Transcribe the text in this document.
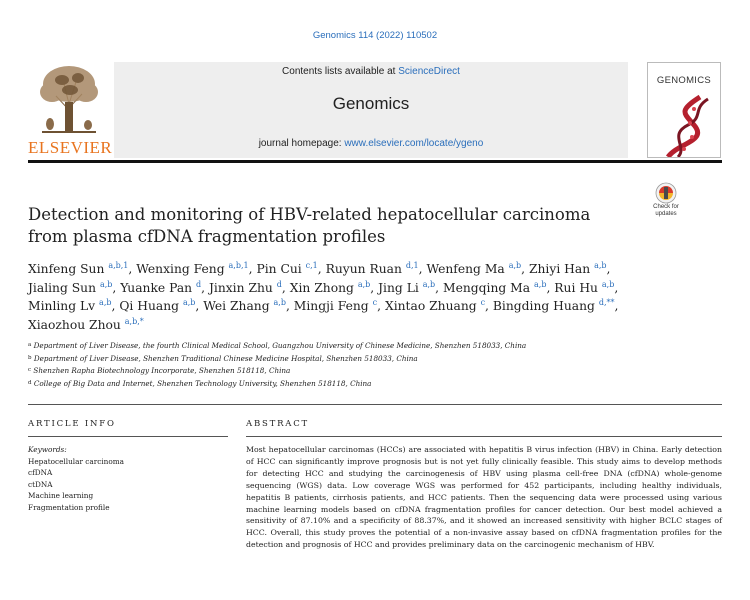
Genomics 114 (2022) 110502
ELSEVIER
Contents lists available at ScienceDirect
Genomics
journal homepage: www.elsevier.com/locate/ygeno
GENOMICS
Check for
updates
Detection and monitoring of HBV-related hepatocellular carcinoma from plasma cfDNA fragmentation profiles
Xinfeng Sun $^{a,b,1}$, Wenxing Feng $^{a,b,1}$, Pin Cui $^{c,1}$, Ruyun Ruan $^{d,1}$, Wenfeng Ma $^{a,b}$, Zhiyi Han $^{a,b}$, Jialing Sun $^{a,b}$, Yuanke Pan $^d$, Jinxin Zhu $^d$, Xin Zhong $^{a,b}$, Jing Li $^{a,b}$, Mengqing Ma $^{a,b}$, Rui Hu $^{a,b}$, Minling Lv $^{a,b}$, Qi Huang $^{a,b}$, Wei Zhang $^{a,b}$, Mingji Feng $^c$, Xintao Zhuang $^c$, Bingding Huang $^{d,**}$, Xiaozhou Zhou $^{a,b,*}$
$^a$ Department of Liver Disease, the fourth Clinical Medical School, Guangzhou University of Chinese Medicine, Shenzhen 518033, China
$^b$ Department of Liver Disease, Shenzhen Traditional Chinese Medicine Hospital, Shenzhen 518033, China
$^c$ Shenzhen Rapha Biotechnology Incorporate, Shenzhen 518118, China
$^d$ College of Big Data and Internet, Shenzhen Technology University, Shenzhen 518118, China
ARTICLE INFO	ABSTRACT
Keywords:
Hepatocellular carcinoma
cfDNA
ctDNA
Machine learning
Fragmentation profile
Most hepatocellular carcinomas (HCCs) are associated with hepatitis B virus infection (HBV) in China. Early detection of HCC can significantly improve prognosis but is not yet fully clinically feasible. This study aims to develop methods for detecting HCC and studying the carcinogenesis of HBV using plasma cell-free DNA (cfDNA) whole-genome sequencing (WGS) data. Low coverage WGS was performed for 452 participants, including healthy individuals, hepatitis B patients, cirrhosis patients, and HCC patients. Then the sequencing data were processed using various machine learning models based on cfDNA fragmentation profiles for cancer detection. Our best model achieved a sensitivity of 87.10% and a specificity of 88.37%, and it showed an increased sensitivity with higher BCLC stages of HCC. Overall, this study proves the potential of a non-invasive assay based on cfDNA fragmentation profiles for the detection and prognosis of HCC and provides preliminary data on the carcinogenic mechanism of HBV.
